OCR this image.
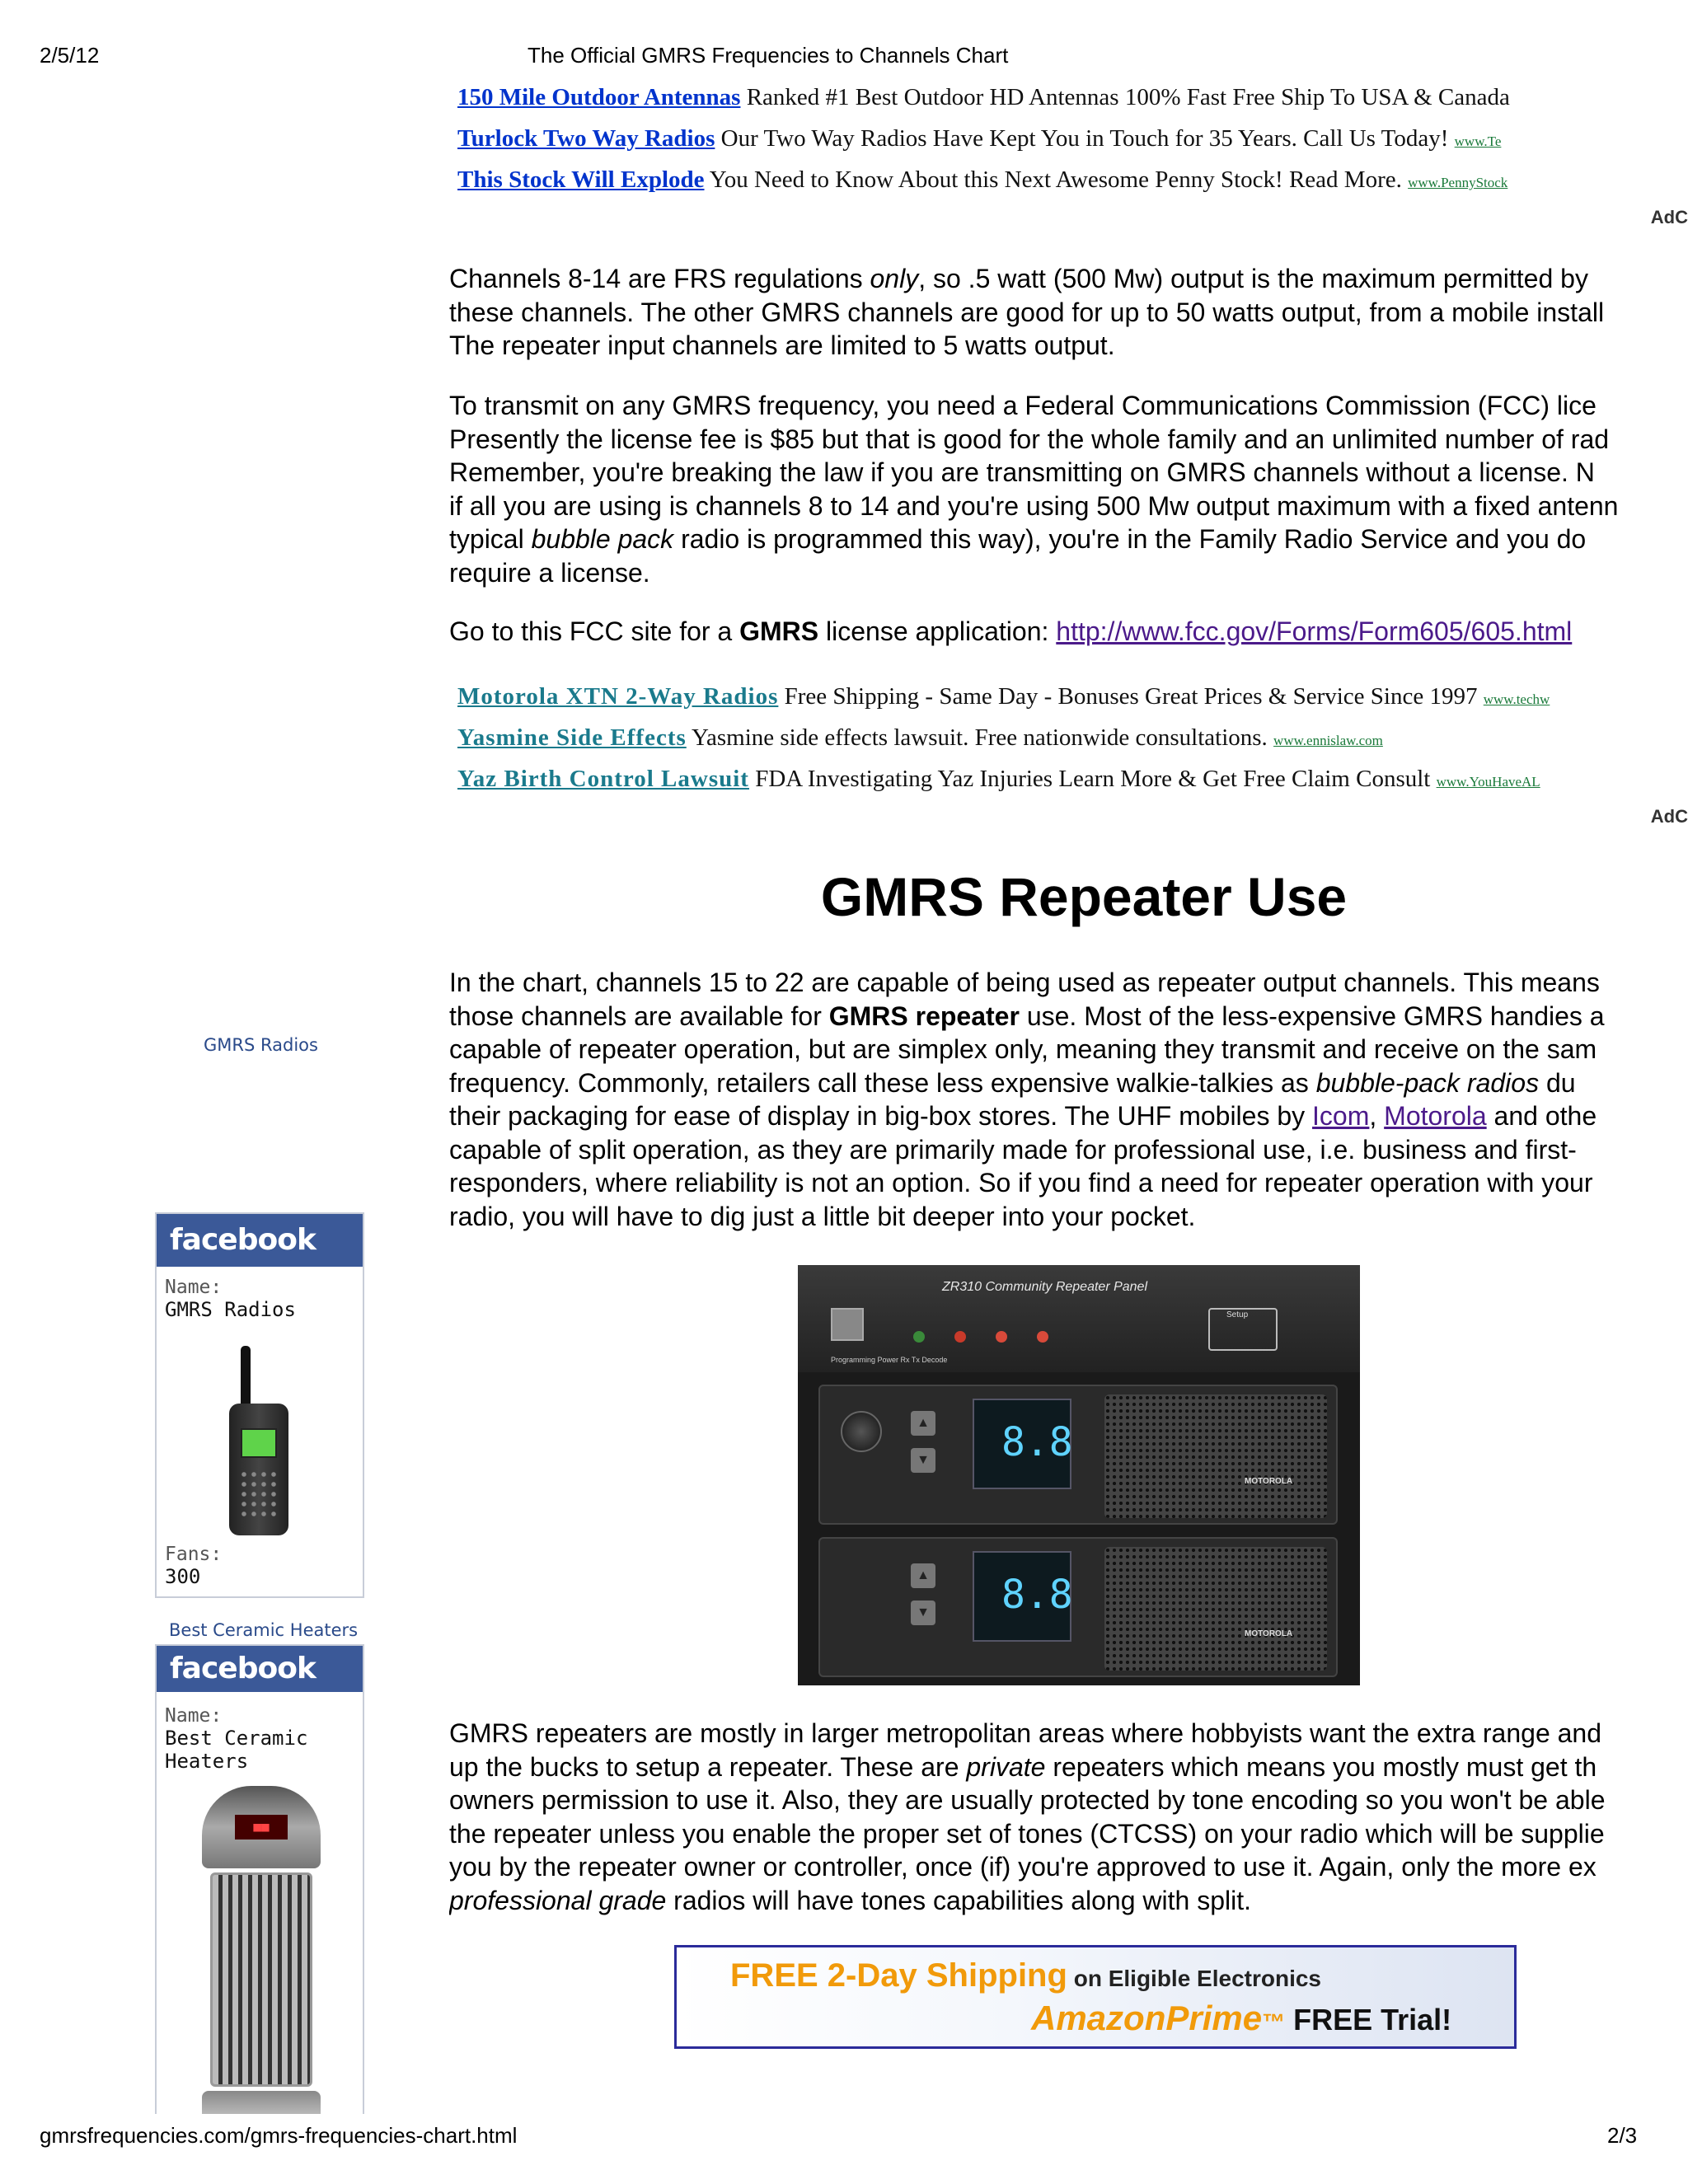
2/5/12	The Official GMRS Frequencies to Channels Chart
GMRS Radios
facebook
Name:
GMRS Radios
Fans:
300
Best Ceramic Heaters
facebook
Name:
Best Ceramic
Heaters
■■
150 Mile Outdoor Antennas Ranked #1 Best Outdoor HD Antennas 100% Fast Free Ship To USA & Canada
Turlock Two Way Radios Our Two Way Radios Have Kept You in Touch for 35 Years. Call Us Today! www.Te
This Stock Will Explode You Need to Know About this Next Awesome Penny Stock! Read More. www.PennyStock
AdC
Channels 8-14 are FRS regulations only, so .5 watt (500 Mw) output is the maximum permitted by
these channels. The other GMRS channels are good for up to 50 watts output, from a mobile install
The repeater input channels are limited to 5 watts output.
To transmit on any GMRS frequency, you need a Federal Communications Commission (FCC) lice
Presently the license fee is $85 but that is good for the whole family and an unlimited number of rad
Remember, you're breaking the law if you are transmitting on GMRS channels without a license. N
if all you are using is channels 8 to 14 and you're using 500 Mw output maximum with a fixed antenn
typical bubble pack radio is programmed this way), you're in the Family Radio Service and you do
require a license.
Go to this FCC site for a GMRS license application: http://www.fcc.gov/Forms/Form605/605.html
Motorola XTN 2-Way Radios Free Shipping - Same Day - Bonuses Great Prices & Service Since 1997 www.techw
Yasmine Side Effects Yasmine side effects lawsuit. Free nationwide consultations. www.ennislaw.com
Yaz Birth Control Lawsuit FDA Investigating Yaz Injuries Learn More & Get Free Claim Consult www.YouHaveAL
AdC
GMRS Repeater Use
In the chart, channels 15 to 22 are capable of being used as repeater output channels. This means
those channels are available for GMRS repeater use. Most of the less-expensive GMRS handies a
capable of repeater operation, but are simplex only, meaning they transmit and receive on the sam
frequency. Commonly, retailers call these less expensive walkie-talkies as bubble-pack radios du
their packaging for ease of display in big-box stores. The UHF mobiles by Icom, Motorola and othe
capable of split operation, as they are primarily made for professional use, i.e. business and first-
responders, where reliability is not an option. So if you find a need for repeater operation with your
radio, you will have to dig just a little bit deeper into your pocket.
ZR310 Community Repeater Panel
Programming Power Rx Tx Decode
Setup
▲
▼ 8.8
MOTOROLA
▲
▼ 8.8
MOTOROLA
GMRS repeaters are mostly in larger metropolitan areas where hobbyists want the extra range and
up the bucks to setup a repeater. These are private repeaters which means you mostly must get th
owners permission to use it. Also, they are usually protected by tone encoding so you won't be able
the repeater unless you enable the proper set of tones (CTCSS) on your radio which will be supplie
you by the repeater owner or controller, once (if) you're approved to use it. Again, only the more ex
professional grade radios will have tones capabilities along with split.
FREE 2-Day Shipping on Eligible Electronics
AmazonPrime™ FREE Trial!
gmrsfrequencies.com/gmrs-frequencies-chart.html	2/3
